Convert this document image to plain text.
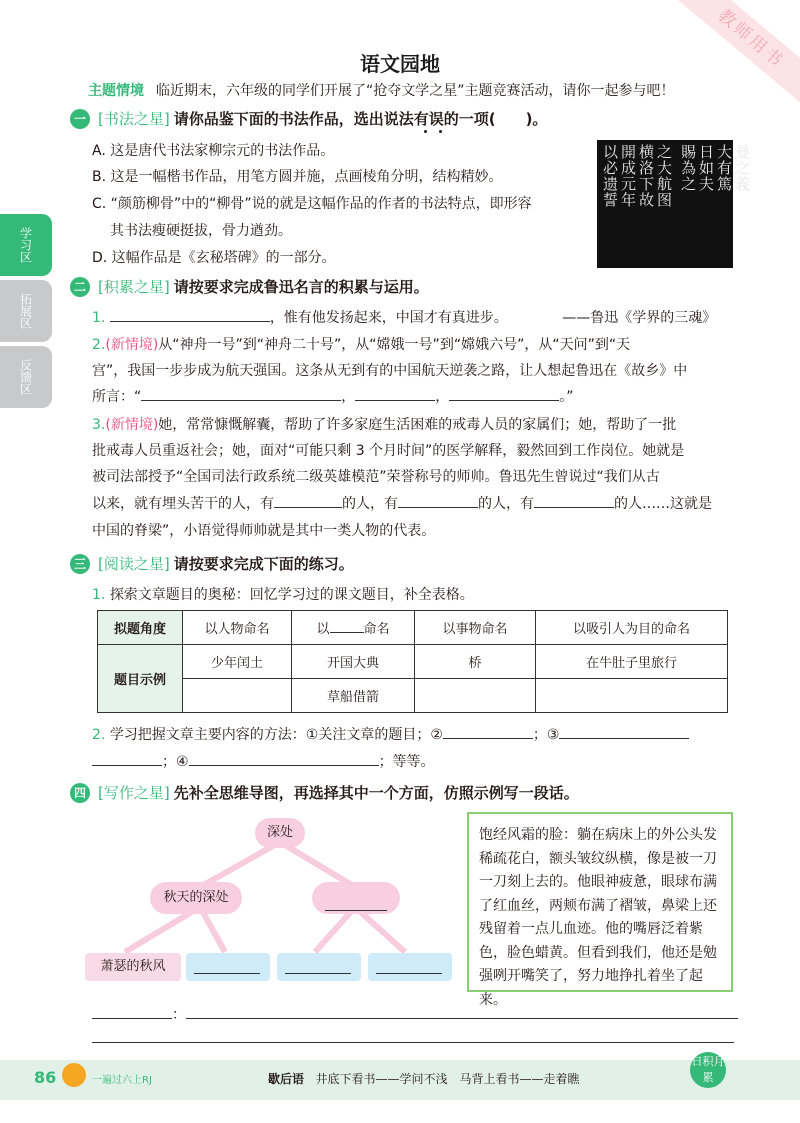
教师用书
语文园地
主题情境 临近期末，六年级的同学们开展了“抢夺文学之星”主题竞赛活动，请你一起参与吧！
学习区
拓展区
反馈区
一 [书法之星] 请你品鉴下面的书法作品，选出说法有误的一项(　　)。
A. 这是唐代书法家柳宗元的书法作品。
B. 这是一幅楷书作品，用笔方圆并施，点画棱角分明，结构精妙。
C. “颜筋柳骨”中的“柳骨”说的就是这幅作品的作者的书法特点，即形容
其书法瘦硬挺拔，骨力遒劲。
D. 这幅作品是《玄秘塔碑》的一部分。
以必遗誓 開成元年 横洛下故 之大航图 賜為之 日如夫 大有篤 曼之義
二 [积累之星] 请按要求完成鲁迅名言的积累与运用。
1.	，惟有他发扬起来，中国才有真进步。	——鲁迅《学界的三魂》
2.(新情境)从“神舟一号”到“神舟二十号”，从“嫦娥一号”到“嫦娥六号”，从“天问”到“天
宫”，我国一步步成为航天强国。这条从无到有的中国航天逆袭之路，让人想起鲁迅在《故乡》中
所言：“	，	，	。”
3.(新情境)她，常常慷慨解囊，帮助了许多家庭生活困难的戒毒人员的家属们；她，帮助了一批
批戒毒人员重返社会；她，面对“可能只剩 3 个月时间”的医学解释，毅然回到工作岗位。她就是
被司法部授予“全国司法行政系统二级英雄模范”荣誉称号的师帅。鲁迅先生曾说过“我们从古
以来，就有埋头苦干的人，有	的人，有	的人，有	的人……这就是
中国的脊梁”，小语觉得师帅就是其中一类人物的代表。
三 [阅读之星] 请按要求完成下面的练习。
1. 探索文章题目的奥秘：回忆学习过的课文题目，补全表格。
拟题角度	以人物命名	以 命名	以事物命名	以吸引人为目的命名
题目示例	少年闰土	开国大典	桥	在牛肚子里旅行
		草船借箭		
2. 学习把握文章主要内容的方法：①关注文章的题目；②	；③
；④	；等等。
四 [写作之星] 先补全思维导图，再选择其中一个方面，仿照示例写一段话。
深处
秋天的深处
萧瑟的秋风
饱经风霜的脸：躺在病床上的外公头发稀疏花白，额头皱纹纵横，像是被一刀一刀刻上去的。他眼神疲惫，眼球布满了红血丝，两颊布满了褶皱，鼻梁上还残留着一点儿血迹。他的嘴唇泛着紫色，脸色蜡黄。但看到我们，他还是勉强咧开嘴笑了，努力地挣扎着坐了起来。
：
86	一遍过六上RJ	歇后语 井底下看书——学问不浅　马背上看书——走着瞧
日积月累
